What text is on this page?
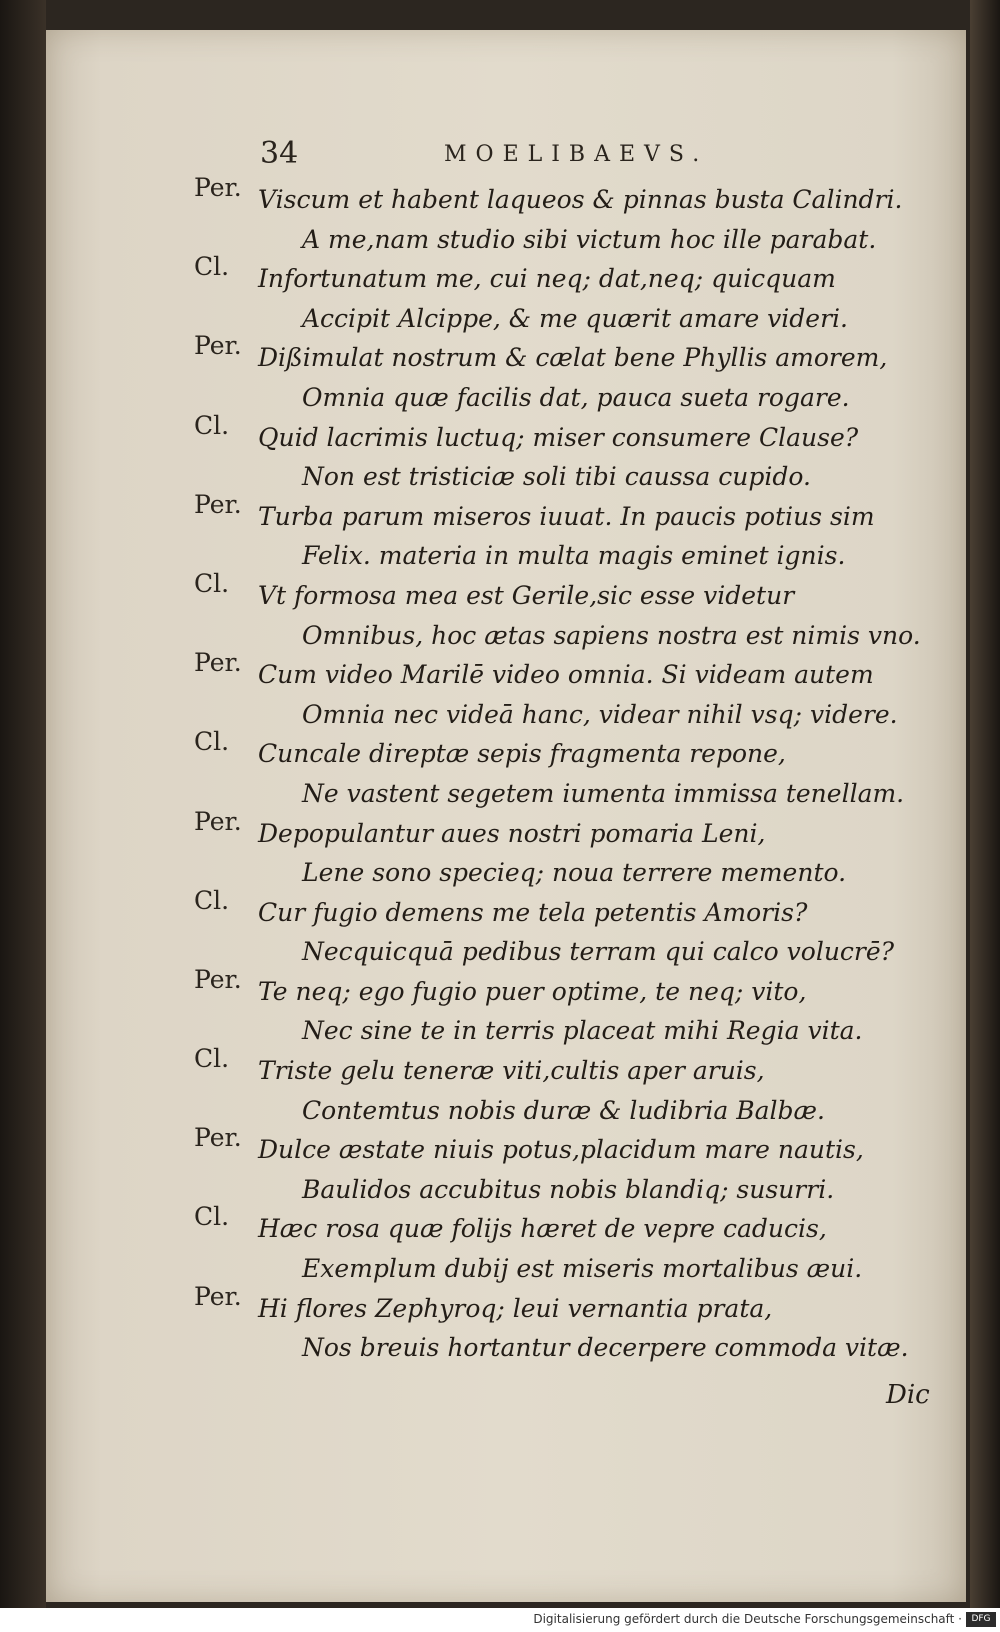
34	MOELIBAEVS.
Per. Viscum et habent laqueos & pinnas busta Calindri.
A me,nam studio sibi victum hoc ille parabat.
Cl. Infortunatum me, cui neq; dat,neq; quicquam
Accipit Alcippe, & me quærit amare videri.
Per. Dißimulat nostrum & cælat bene Phyllis amorem,
Omnia quæ facilis dat, pauca sueta rogare.
Cl. Quid lacrimis luctuq; miser consumere Clause?
Non est tristiciæ soli tibi caussa cupido.
Per. Turba parum miseros iuuat. In paucis potius sim
Felix. materia in multa magis eminet ignis.
Cl. Vt formosa mea est Gerile,sic esse videtur
Omnibus, hoc ætas sapiens nostra est nimis vno.
Per. Cum video Marilē video omnia. Si videam autem
Omnia nec videā hanc, videar nihil vsq; videre.
Cl. Cuncale direptæ sepis fragmenta repone,
Ne vastent segetem iumenta immissa tenellam.
Per. Depopulantur aues nostri pomaria Leni,
Lene sono specieq; noua terrere memento.
Cl. Cur fugio demens me tela petentis Amoris?
Necquicquā pedibus terram qui calco volucrē?
Per. Te neq; ego fugio puer optime, te neq; vito,
Nec sine te in terris placeat mihi Regia vita.
Cl. Triste gelu teneræ viti,cultis aper aruis,
Contemtus nobis duræ & ludibria Balbæ.
Per. Dulce æstate niuis potus,placidum mare nautis,
Baulidos accubitus nobis blandiq; susurri.
Cl. Hæc rosa quæ folijs hæret de vepre caducis,
Exemplum dubij est miseris mortalibus æui.
Per. Hi flores Zephyroq; leui vernantia prata,
Nos breuis hortantur decerpere commoda vitæ.
Dic
Digitalisierung gefördert durch die Deutsche Forschungsgemeinschaft ·	DFG
